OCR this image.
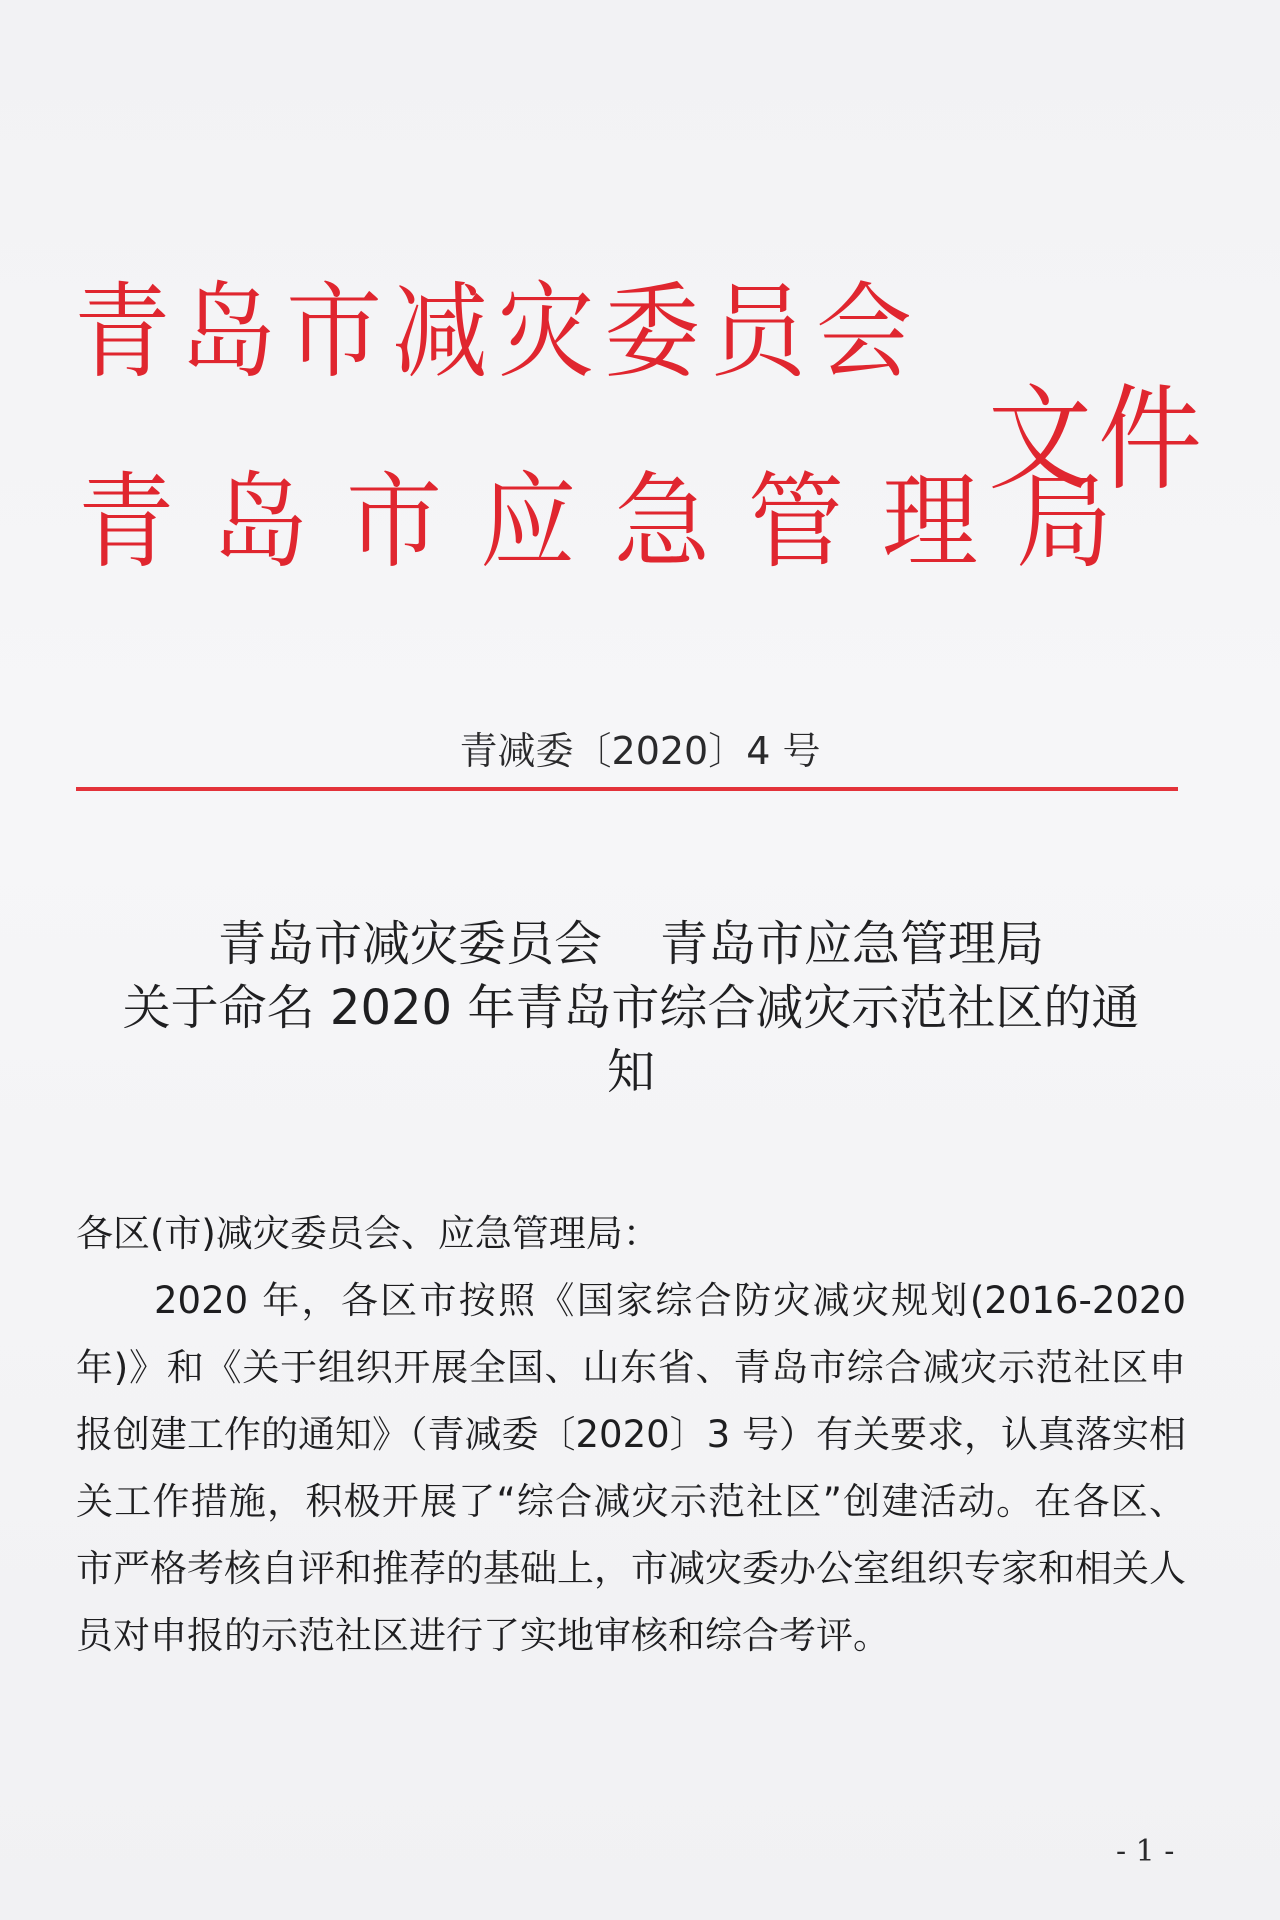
青岛市减灾委员会
青岛市应急管理局
文件
青减委〔2020〕4 号
青岛市减灾委员会 青岛市应急管理局
关于命名 2020 年青岛市综合减灾示范社区的通
知
各区(市)减灾委员会、应急管理局：
2020 年，各区市按照《国家综合防灾减灾规划(2016-2020 年)》和《关于组织开展全国、山东省、青岛市综合减灾示范社区申报创建工作的通知》（青减委〔2020〕3 号）有关要求，认真落实相关工作措施，积极开展了“综合减灾示范社区”创建活动。在各区、市严格考核自评和推荐的基础上，市减灾委办公室组织专家和相关人员对申报的示范社区进行了实地审核和综合考评。
- 1 -
